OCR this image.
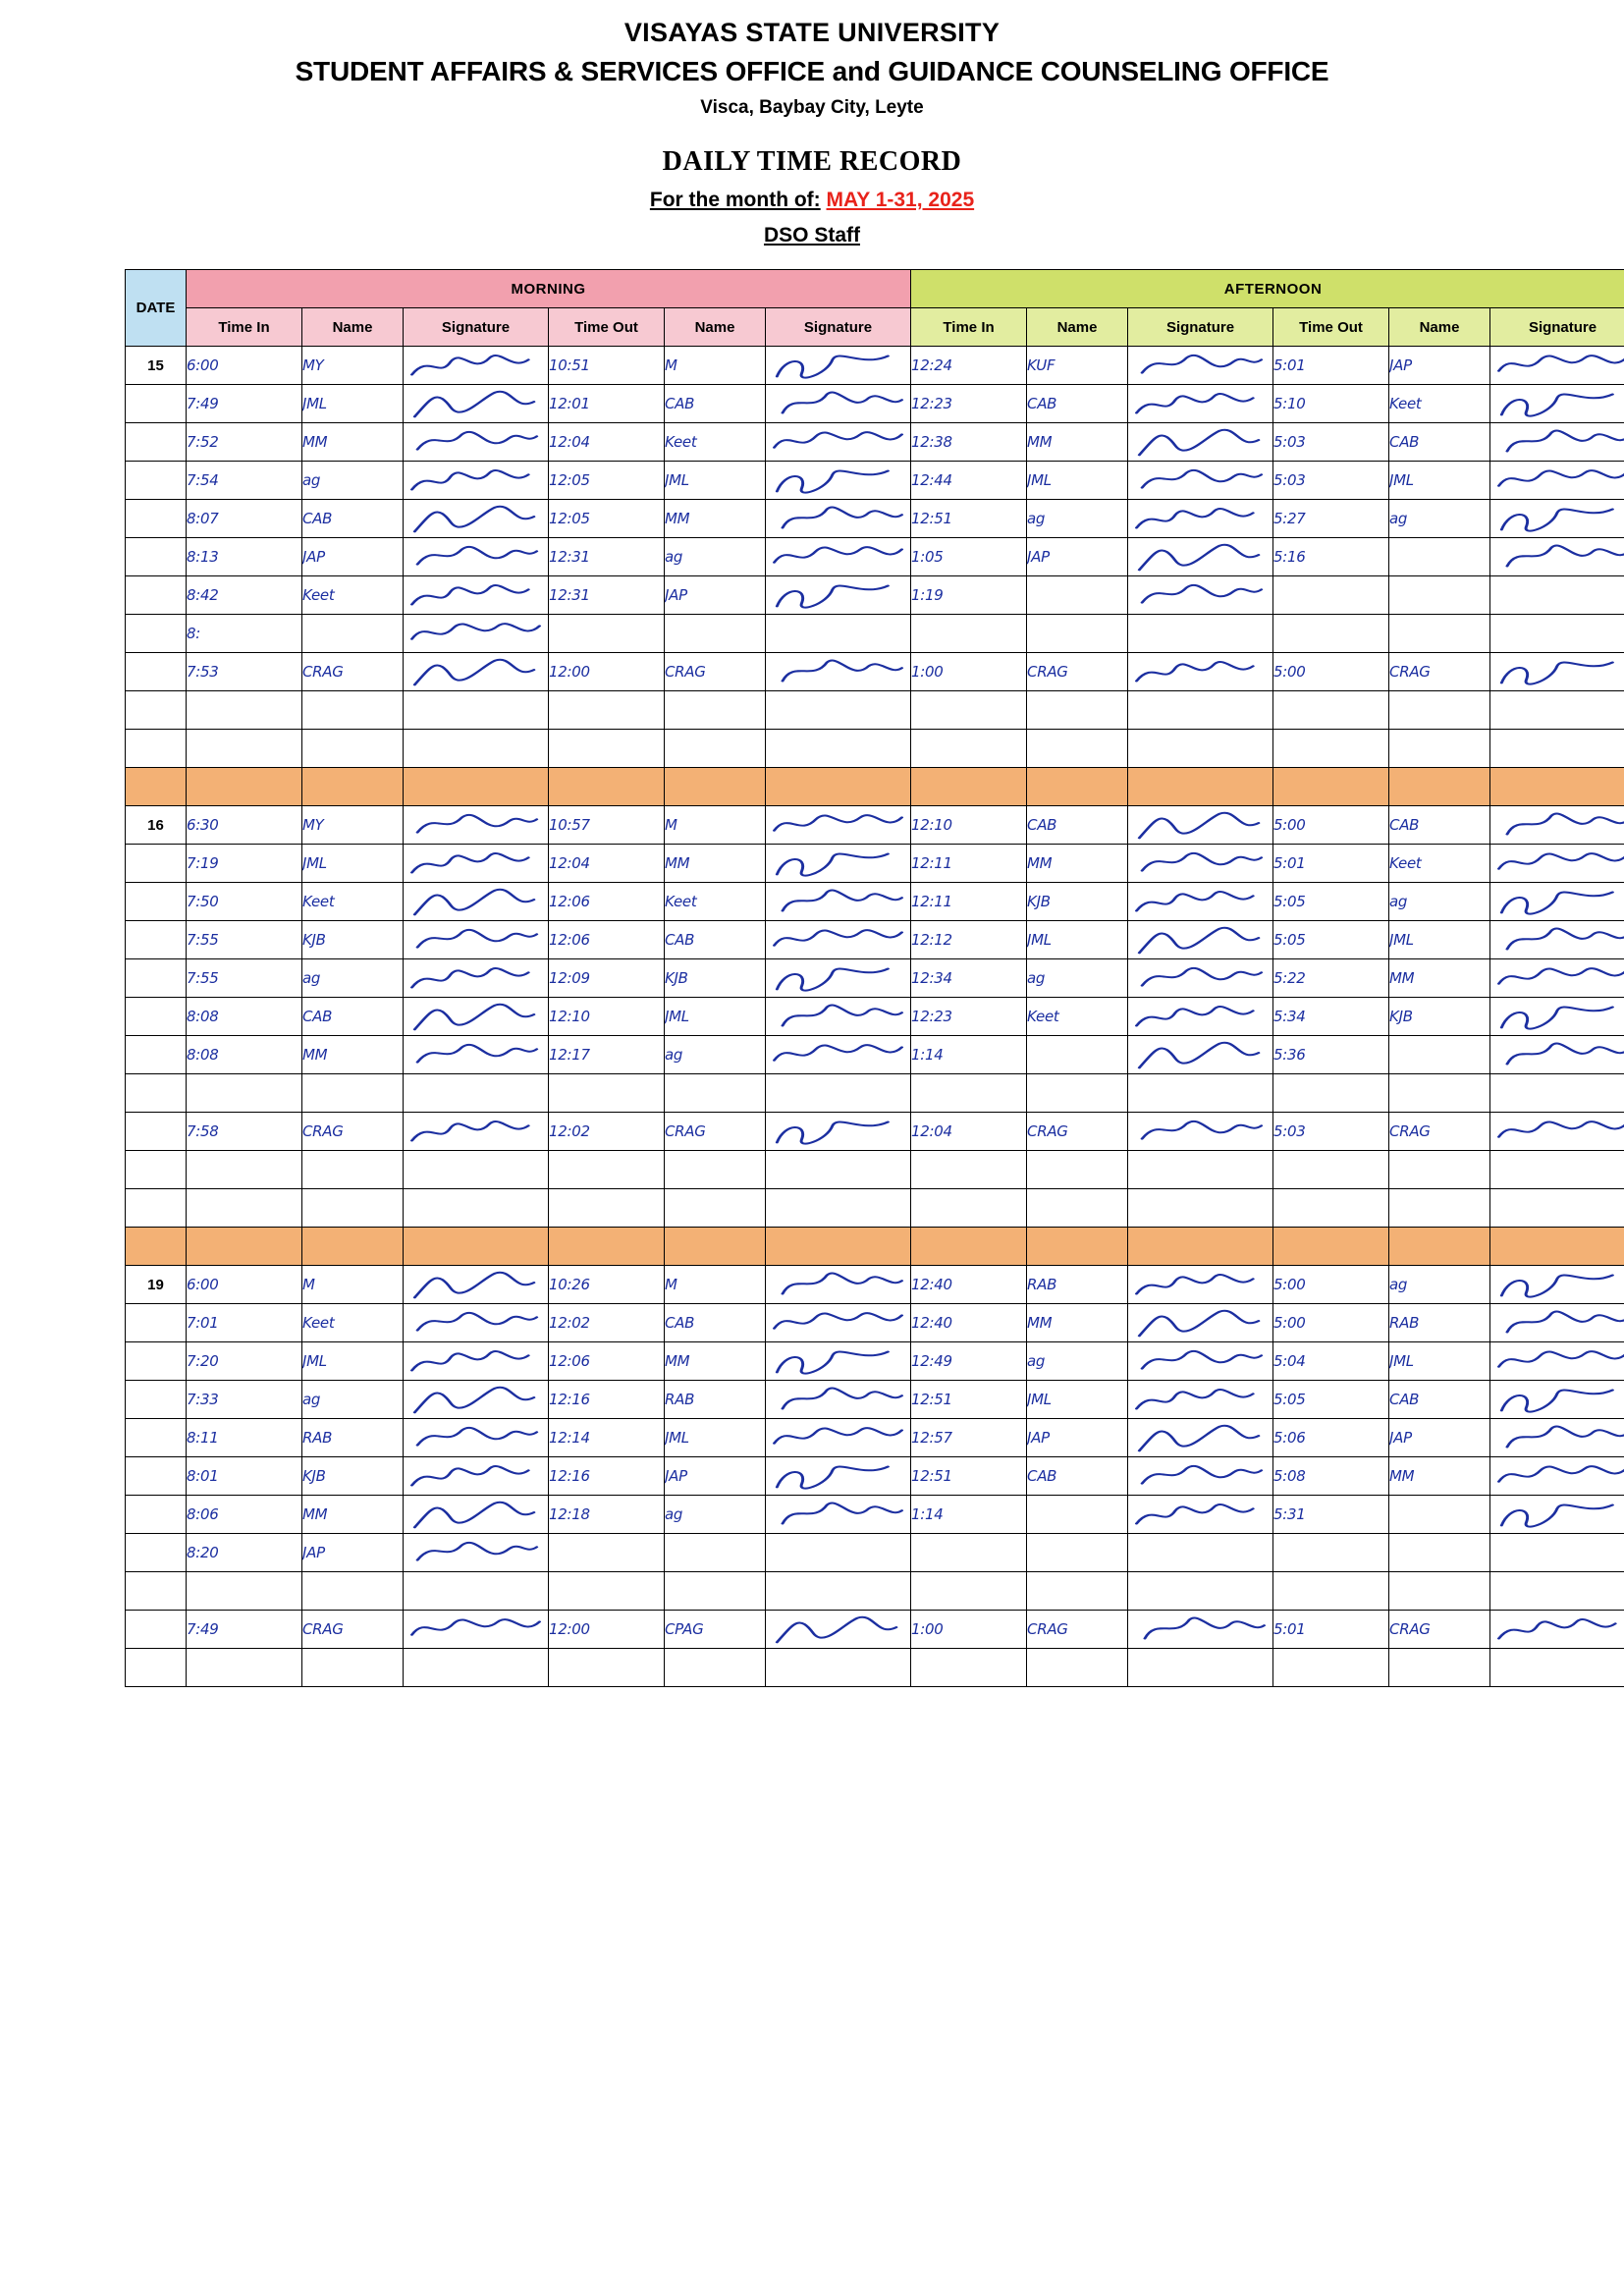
VISAYAS STATE UNIVERSITY
STUDENT AFFAIRS & SERVICES OFFICE and GUIDANCE COUNSELING OFFICE
Visca, Baybay City, Leyte
DAILY TIME RECORD
For the month of: MAY 1-31, 2025
DSO Staff
DATE	MORNING						AFTERNOON					
	Time In	Name	Signature	Time Out	Name	Signature	Time In	Name	Signature	Time Out	Name	Signature
15	6:00	MY		10:51	M		12:24	KUF		5:01	JAP	

	7:49	JML		12:01	CAB		12:23	CAB		5:10	Keet	

	7:52	MM		12:04	Keet		12:38	MM		5:03	CAB	

	7:54	ag		12:05	JML		12:44	JML		5:03	JML	

	8:07	CAB		12:05	MM		12:51	ag		5:27	ag	

	8:13	JAP		12:31	ag		1:05	JAP		5:16		

	8:42	Keet		12:31	JAP		1:19		

	8:		

	7:53	CRAG		12:00	CRAG		1:00	CRAG		5:00	CRAG	

16	6:30	MY		10:57	M		12:10	CAB		5:00	CAB	

	7:19	JML		12:04	MM		12:11	MM		5:01	Keet	

	7:50	Keet		12:06	Keet		12:11	KJB		5:05	ag	

	7:55	KJB		12:06	CAB		12:12	JML		5:05	JML	

	7:55	ag		12:09	KJB		12:34	ag		5:22	MM	

	8:08	CAB		12:10	JML		12:23	Keet		5:34	KJB	

	8:08	MM		12:17	ag		1:14			5:36		

	7:58	CRAG		12:02	CRAG		12:04	CRAG		5:03	CRAG	

19	6:00	M		10:26	M		12:40	RAB		5:00	ag	

	7:01	Keet		12:02	CAB		12:40	MM		5:00	RAB	

	7:20	JML		12:06	MM		12:49	ag		5:04	JML	

	7:33	ag		12:16	RAB		12:51	JML		5:05	CAB	

	8:11	RAB		12:14	JML		12:57	JAP		5:06	JAP	

	8:01	KJB		12:16	JAP		12:51	CAB		5:08	MM	

	8:06	MM		12:18	ag		1:14			5:31		

	8:20	JAP	

	7:49	CRAG		12:00	CPAG		1:00	CRAG		5:01	CRAG	
